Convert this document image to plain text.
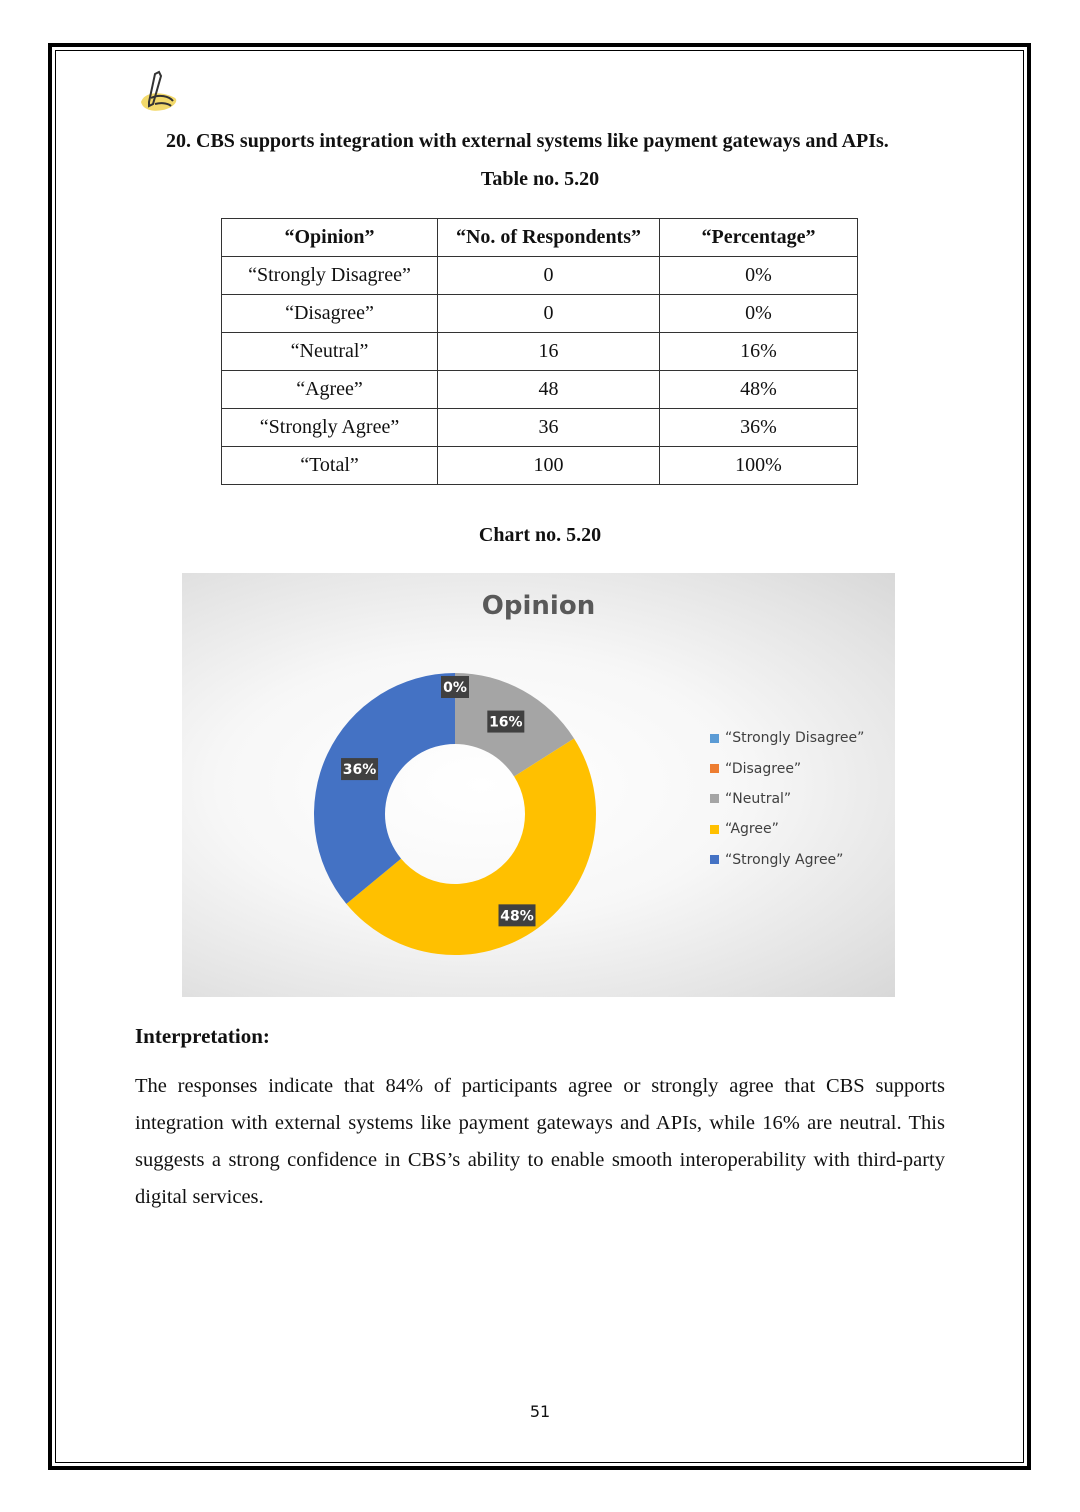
20. CBS supports integration with external systems like payment gateways and APIs.
Table no. 5.20
“Opinion”	“No. of Respondents”	“Percentage”
“Strongly Disagree”	0	0%
“Disagree”	0	0%
“Neutral”	16	16%
“Agree”	48	48%
“Strongly Agree”	36	36%
“Total”	100	100%
Chart no. 5.20
Opinion
0%
16%
48%
36%
“Strongly Disagree”
“Disagree”
“Neutral”
“Agree”
“Strongly Agree”
Interpretation:
The responses indicate that 84% of participants agree or strongly agree that CBS supports integration with external systems like payment gateways and APIs, while 16% are neutral. This suggests a strong confidence in CBS’s ability to enable smooth interoperability with third-party digital services.
51
